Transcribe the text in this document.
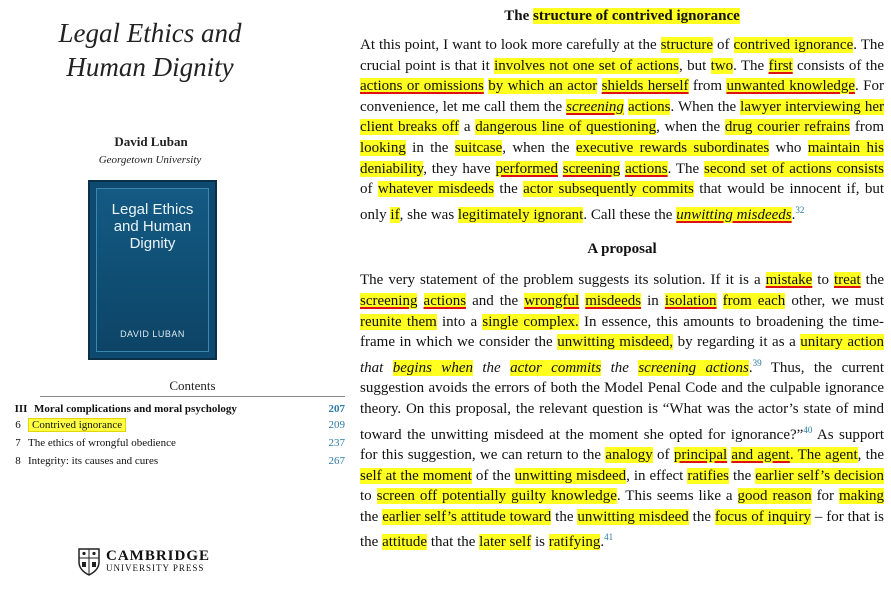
Legal Ethics and
Human Dignity
David Luban
Georgetown University
Legal Ethics
and Human
Dignity
DAVID LUBAN
Contents
III Moral complications and moral psychology	207
6	Contrived ignorance	209
7 The ethics of wrongful obedience	237
8 Integrity: its causes and cures	267
CAMBRIDGE
UNIVERSITY PRESS
The structure of contrived ignorance

At this point, I want to look more carefully at the structure of contrived ignorance. The crucial point is that it involves not one set of actions, but two. The first consists of the actions or omissions by which an actor shields herself from unwanted knowledge. For convenience, let me call them the screening actions. When the lawyer interviewing her client breaks off a dangerous line of questioning, when the drug courier refrains from looking in the suitcase, when the executive rewards subordinates who maintain his deniability, they have performed screening actions. The second set of actions consists of whatever misdeeds the actor subsequently commits that would be innocent if, but only if, she was legitimately ignorant. Call these the unwitting misdeeds.$^{32}$

A proposal

The very statement of the problem suggests its solution. If it is a mistake to treat the screening actions and the wrongful misdeeds in isolation from each other, we must reunite them into a single complex. In essence, this amounts to broadening the time-frame in which we consider the unwitting misdeed, by regarding it as a unitary action that begins when the actor commits the screening actions.$^{39}$ Thus, the current suggestion avoids the errors of both the Model Penal Code and the culpable ignorance theory. On this proposal, the relevant question is “What was the actor’s state of mind toward the unwitting misdeed at the moment she opted for ignorance?”$^{40}$ As support for this suggestion, we can return to the analogy of principal and agent. The agent, the self at the moment of the unwitting misdeed, in effect ratifies the earlier self’s decision to screen off potentially guilty knowledge. This seems like a good reason for making the earlier self’s attitude toward the unwitting misdeed the focus of inquiry – for that is the attitude that the later self is ratifying.$^{41}$
